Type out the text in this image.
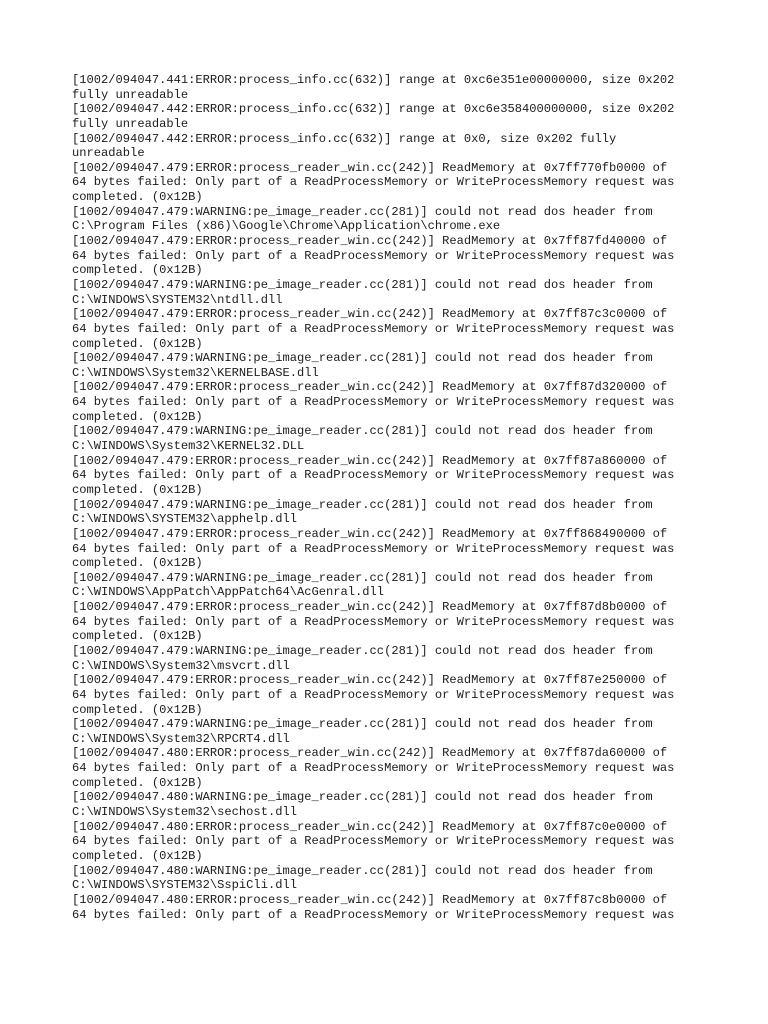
[1002/094047.441:ERROR:process_info.cc(632)] range at 0xc6e351e00000000, size 0x202
fully unreadable
[1002/094047.442:ERROR:process_info.cc(632)] range at 0xc6e358400000000, size 0x202
fully unreadable
[1002/094047.442:ERROR:process_info.cc(632)] range at 0x0, size 0x202 fully
unreadable
[1002/094047.479:ERROR:process_reader_win.cc(242)] ReadMemory at 0x7ff770fb0000 of
64 bytes failed: Only part of a ReadProcessMemory or WriteProcessMemory request was
completed. (0x12B)
[1002/094047.479:WARNING:pe_image_reader.cc(281)] could not read dos header from
C:\Program Files (x86)\Google\Chrome\Application\chrome.exe
[1002/094047.479:ERROR:process_reader_win.cc(242)] ReadMemory at 0x7ff87fd40000 of
64 bytes failed: Only part of a ReadProcessMemory or WriteProcessMemory request was
completed. (0x12B)
[1002/094047.479:WARNING:pe_image_reader.cc(281)] could not read dos header from
C:\WINDOWS\SYSTEM32\ntdll.dll
[1002/094047.479:ERROR:process_reader_win.cc(242)] ReadMemory at 0x7ff87c3c0000 of
64 bytes failed: Only part of a ReadProcessMemory or WriteProcessMemory request was
completed. (0x12B)
[1002/094047.479:WARNING:pe_image_reader.cc(281)] could not read dos header from
C:\WINDOWS\System32\KERNELBASE.dll
[1002/094047.479:ERROR:process_reader_win.cc(242)] ReadMemory at 0x7ff87d320000 of
64 bytes failed: Only part of a ReadProcessMemory or WriteProcessMemory request was
completed. (0x12B)
[1002/094047.479:WARNING:pe_image_reader.cc(281)] could not read dos header from
C:\WINDOWS\System32\KERNEL32.DLL
[1002/094047.479:ERROR:process_reader_win.cc(242)] ReadMemory at 0x7ff87a860000 of
64 bytes failed: Only part of a ReadProcessMemory or WriteProcessMemory request was
completed. (0x12B)
[1002/094047.479:WARNING:pe_image_reader.cc(281)] could not read dos header from
C:\WINDOWS\SYSTEM32\apphelp.dll
[1002/094047.479:ERROR:process_reader_win.cc(242)] ReadMemory at 0x7ff868490000 of
64 bytes failed: Only part of a ReadProcessMemory or WriteProcessMemory request was
completed. (0x12B)
[1002/094047.479:WARNING:pe_image_reader.cc(281)] could not read dos header from
C:\WINDOWS\AppPatch\AppPatch64\AcGenral.dll
[1002/094047.479:ERROR:process_reader_win.cc(242)] ReadMemory at 0x7ff87d8b0000 of
64 bytes failed: Only part of a ReadProcessMemory or WriteProcessMemory request was
completed. (0x12B)
[1002/094047.479:WARNING:pe_image_reader.cc(281)] could not read dos header from
C:\WINDOWS\System32\msvcrt.dll
[1002/094047.479:ERROR:process_reader_win.cc(242)] ReadMemory at 0x7ff87e250000 of
64 bytes failed: Only part of a ReadProcessMemory or WriteProcessMemory request was
completed. (0x12B)
[1002/094047.479:WARNING:pe_image_reader.cc(281)] could not read dos header from
C:\WINDOWS\System32\RPCRT4.dll
[1002/094047.480:ERROR:process_reader_win.cc(242)] ReadMemory at 0x7ff87da60000 of
64 bytes failed: Only part of a ReadProcessMemory or WriteProcessMemory request was
completed. (0x12B)
[1002/094047.480:WARNING:pe_image_reader.cc(281)] could not read dos header from
C:\WINDOWS\System32\sechost.dll
[1002/094047.480:ERROR:process_reader_win.cc(242)] ReadMemory at 0x7ff87c0e0000 of
64 bytes failed: Only part of a ReadProcessMemory or WriteProcessMemory request was
completed. (0x12B)
[1002/094047.480:WARNING:pe_image_reader.cc(281)] could not read dos header from
C:\WINDOWS\SYSTEM32\SspiCli.dll
[1002/094047.480:ERROR:process_reader_win.cc(242)] ReadMemory at 0x7ff87c8b0000 of
64 bytes failed: Only part of a ReadProcessMemory or WriteProcessMemory request was
